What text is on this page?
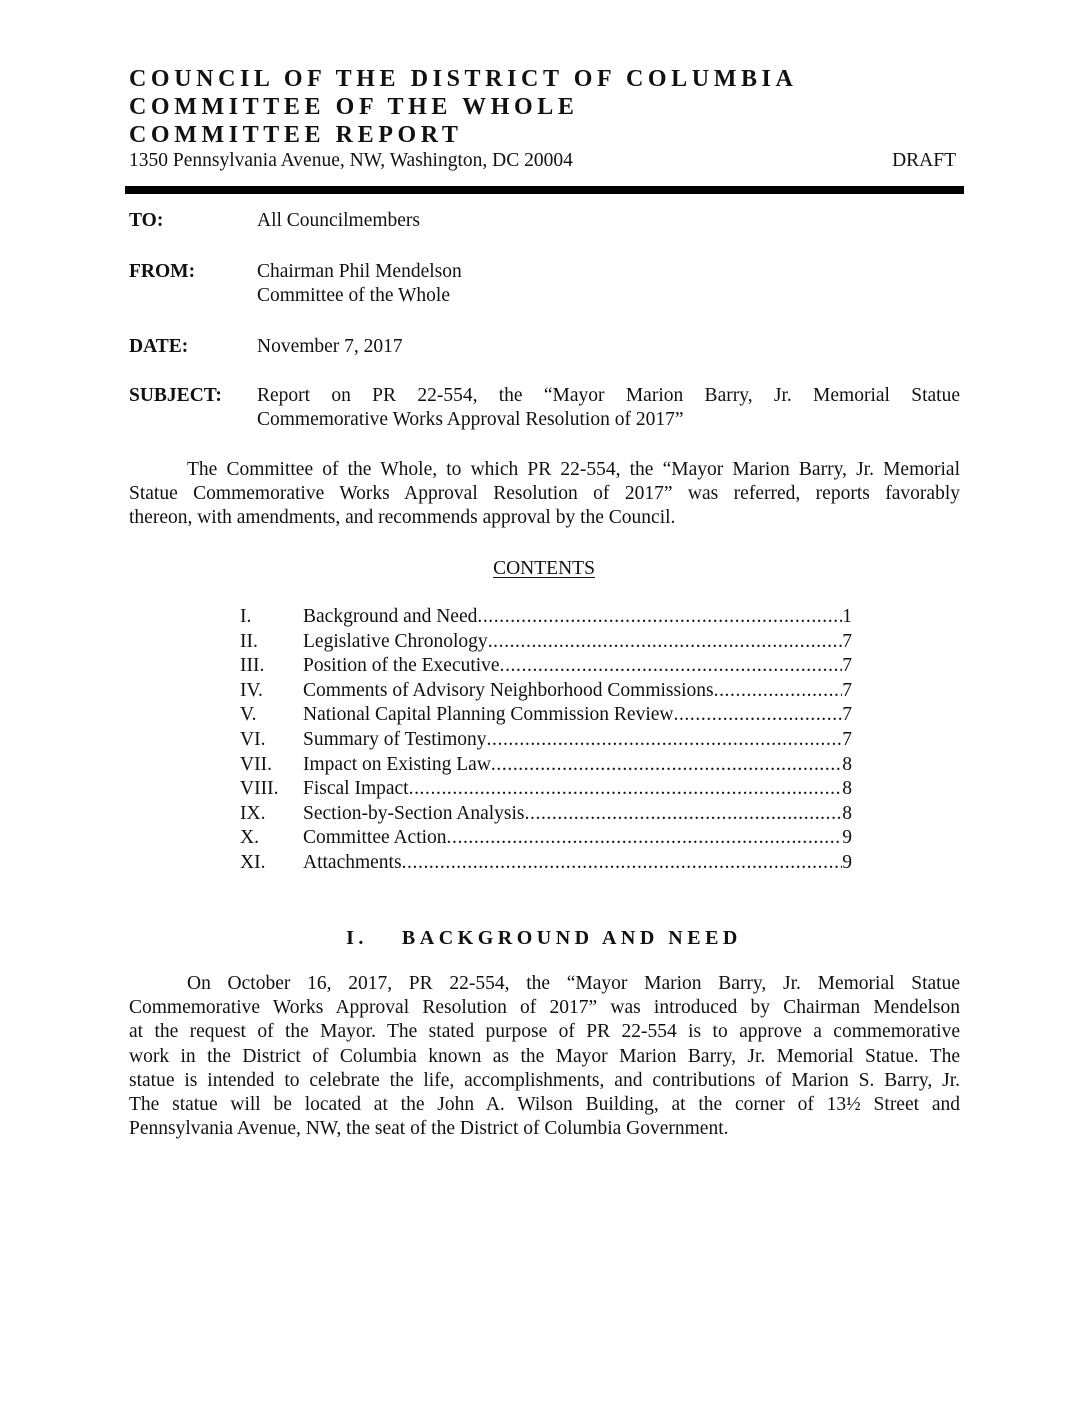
COUNCIL OF THE DISTRICT OF COLUMBIA
COMMITTEE OF THE WHOLE
COMMITTEE REPORT
1350 Pennsylvania Avenue, NW, Washington, DC 20004	DRAFT
TO:	All Councilmembers
FROM:	Chairman Phil Mendelson
Committee of the Whole
DATE:	November 7, 2017
SUBJECT: Report on PR 22-554, the “Mayor Marion Barry, Jr. Memorial Statue
Commemorative Works Approval Resolution of 2017”
The Committee of the Whole, to which PR 22-554, the “Mayor Marion Barry, Jr. Memorial
Statue Commemorative Works Approval Resolution of 2017” was referred, reports favorably
thereon, with amendments, and recommends approval by the Council.
CONTENTS
I.	Background and Need .....	1
II. Legislative Chronology .....	7
III. Position of the Executive .....	7
IV. Comments of Advisory Neighborhood Commissions .....	7
V. National Capital Planning Commission Review .....	7
VI. Summary of Testimony .....	7
VII. Impact on Existing Law .....	8
VIII. Fiscal Impact .....	8
IX. Section-by-Section Analysis .....	8
X. Committee Action .....	9
XI. Attachments .....	9
I. BACKGROUND AND NEED
On October 16, 2017, PR 22-554, the “Mayor Marion Barry, Jr. Memorial Statue
Commemorative Works Approval Resolution of 2017” was introduced by Chairman Mendelson
at the request of the Mayor. The stated purpose of PR 22-554 is to approve a commemorative
work in the District of Columbia known as the Mayor Marion Barry, Jr. Memorial Statue. The
statue is intended to celebrate the life, accomplishments, and contributions of Marion S. Barry, Jr.
The statue will be located at the John A. Wilson Building, at the corner of 13½ Street and
Pennsylvania Avenue, NW, the seat of the District of Columbia Government.
